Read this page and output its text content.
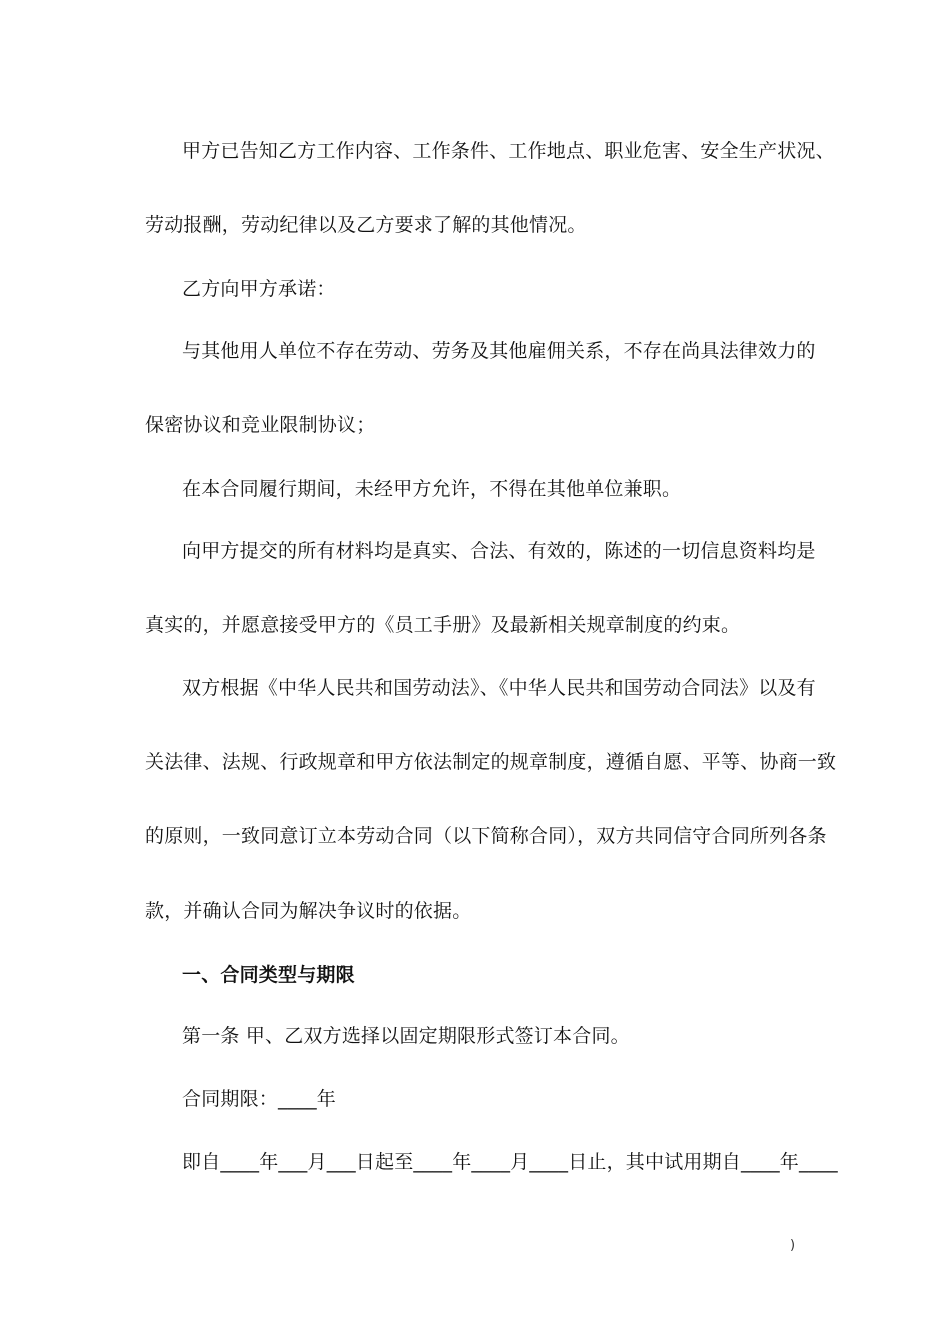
甲方已告知乙方工作内容、工作条件、工作地点、职业危害、安全生产状况、
劳动报酬，劳动纪律以及乙方要求了解的其他情况。
乙方向甲方承诺：
与其他用人单位不存在劳动、劳务及其他雇佣关系，不存在尚具法律效力的
保密协议和竞业限制协议；
在本合同履行期间，未经甲方允许，不得在其他单位兼职。
向甲方提交的所有材料均是真实、合法、有效的，陈述的一切信息资料均是
真实的，并愿意接受甲方的《员工手册》及最新相关规章制度的约束。
双方根据《中华人民共和国劳动法》、《中华人民共和国劳动合同法》以及有
关法律、法规、行政规章和甲方依法制定的规章制度，遵循自愿、平等、协商一致
的原则，一致同意订立本劳动合同（以下简称合同），双方共同信守合同所列各条
款，并确认合同为解决争议时的依据。
一、合同类型与期限
第一条 甲、乙双方选择以固定期限形式签订本合同。
合同期限：____年
即自____年___月___日起至____年____月____日止，其中试用期自____年____
)
